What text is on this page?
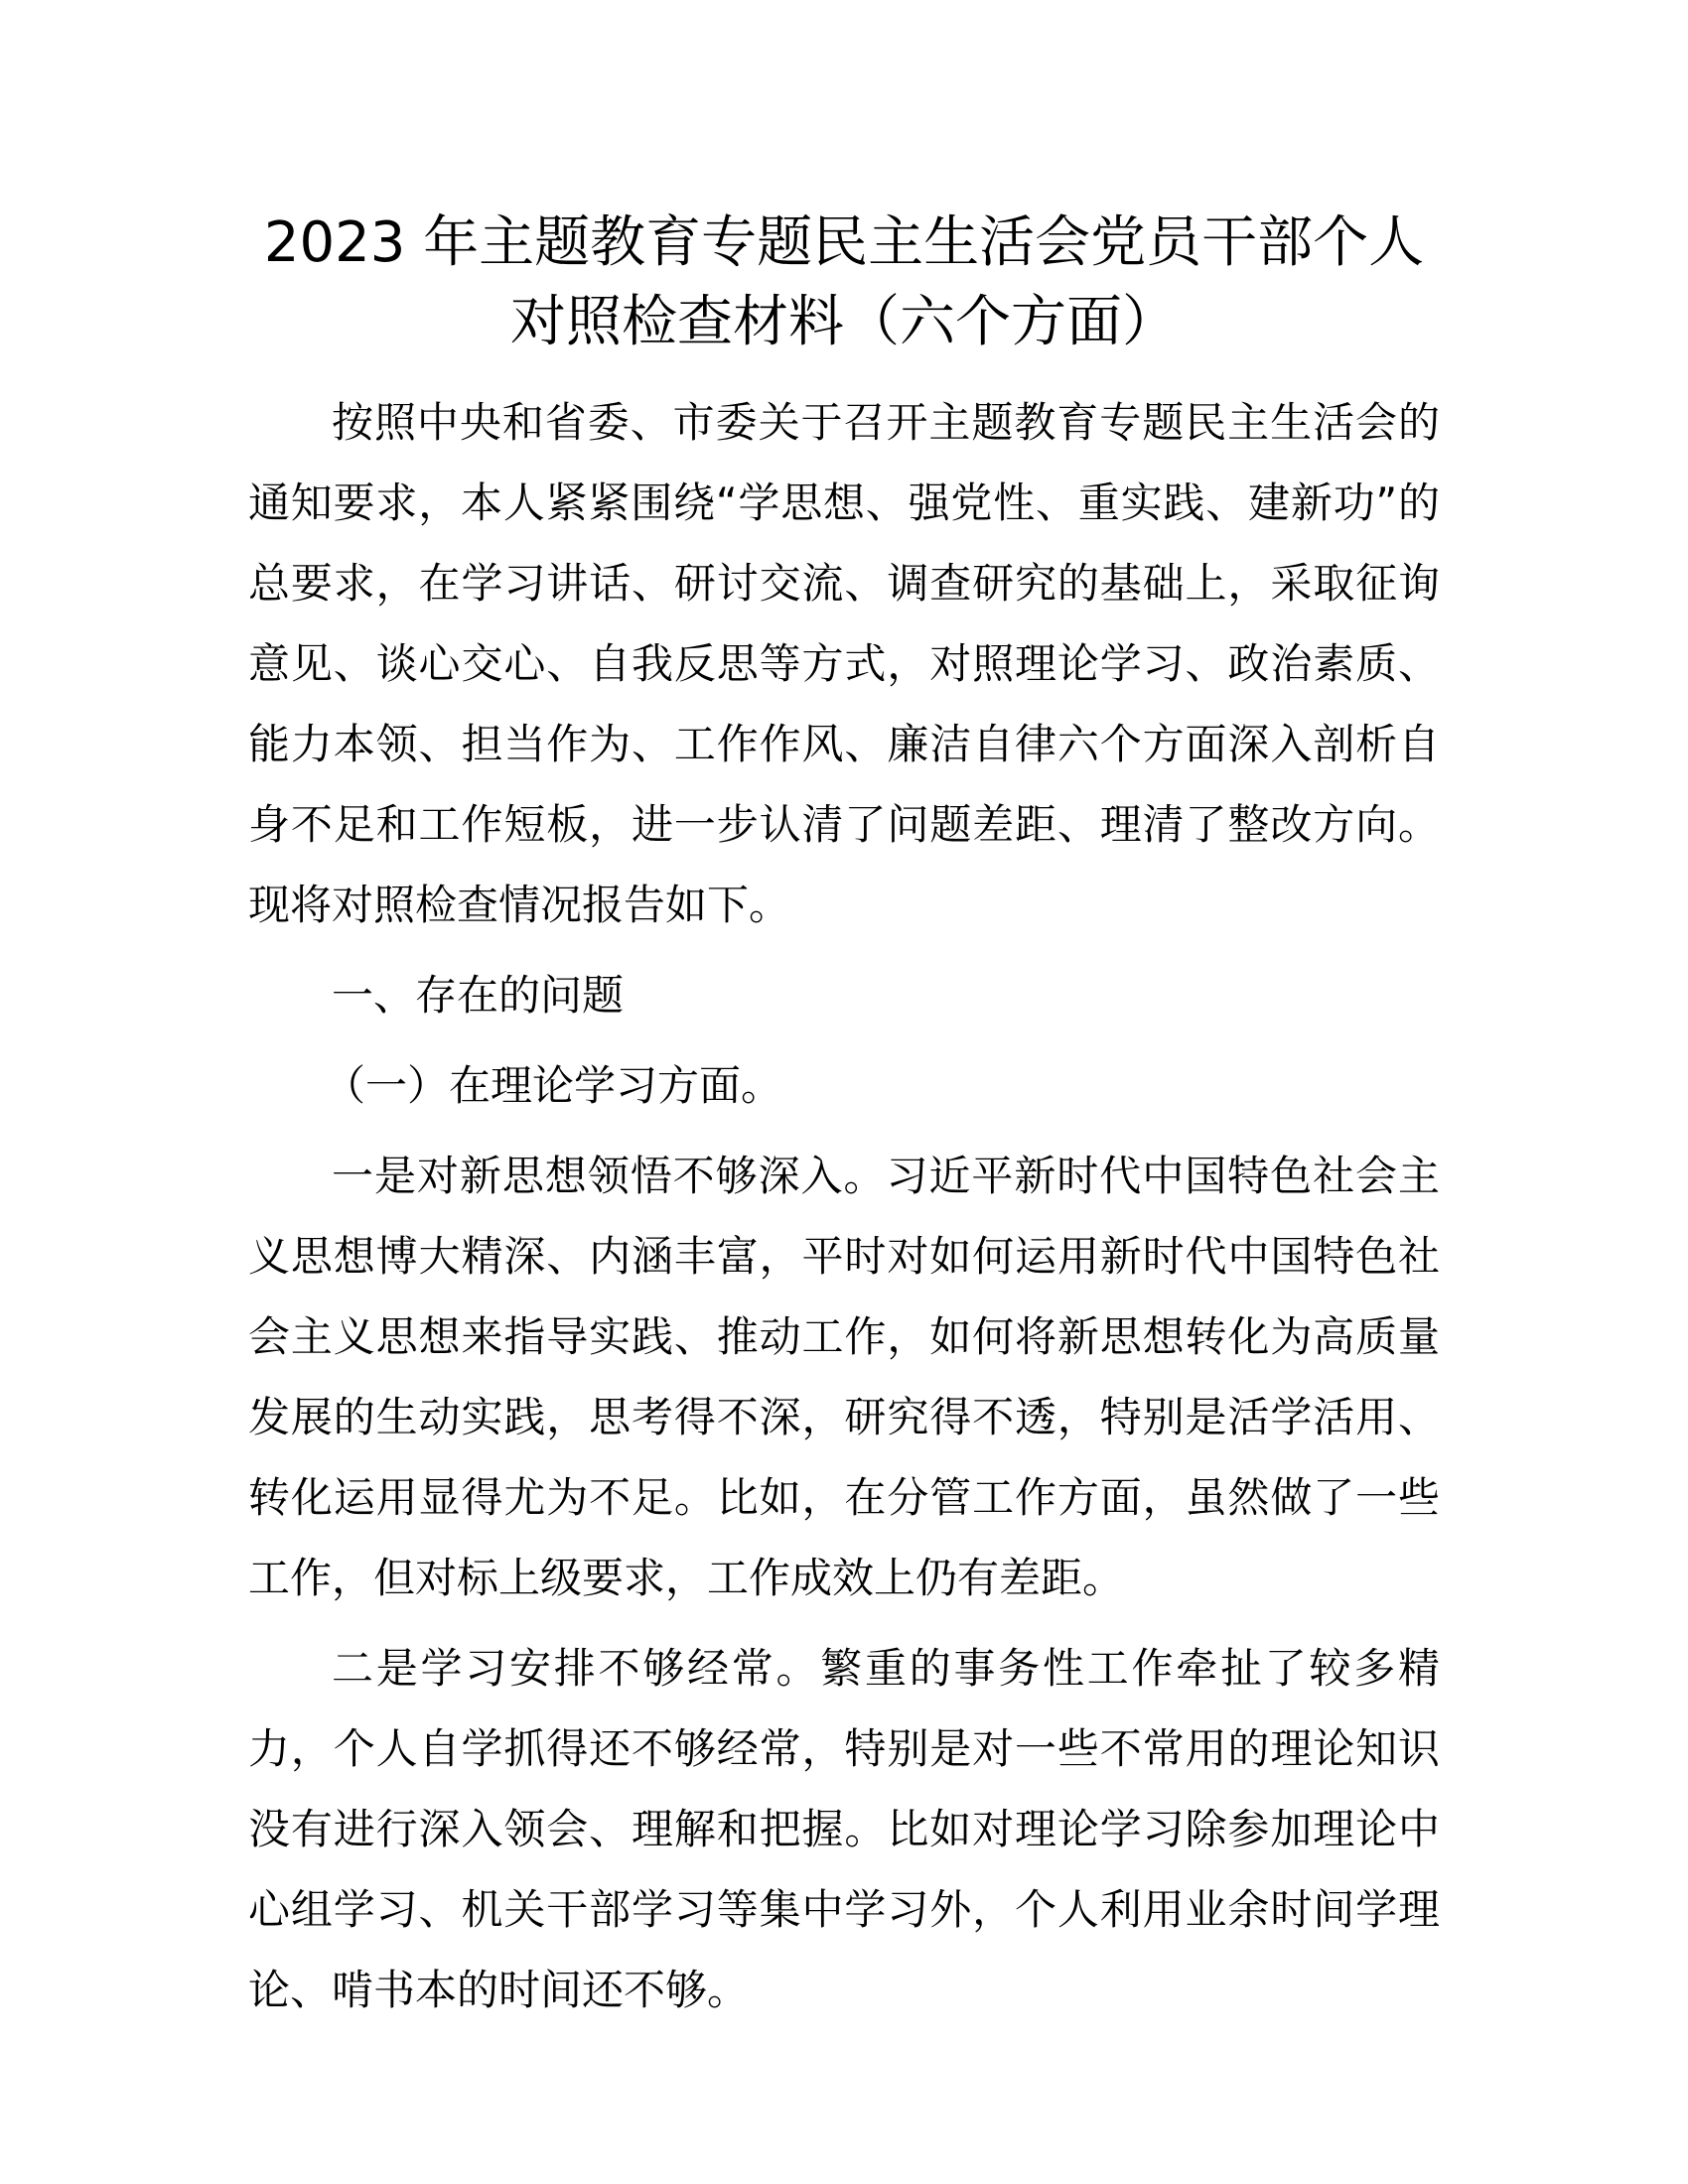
2023 年主题教育专题民主生活会党员干部个人
对照检查材料（六个方面）

按照中央和省委、市委关于召开主题教育专题民主生活会的通知要求，本人紧紧围绕“学思想、强党性、重实践、建新功”的总要求，在学习讲话、研讨交流、调查研究的基础上，采取征询意见、谈心交心、自我反思等方式，对照理论学习、政治素质、能力本领、担当作为、工作作风、廉洁自律六个方面深入剖析自身不足和工作短板，进一步认清了问题差距、理清了整改方向。现将对照检查情况报告如下。

一、存在的问题

（一）在理论学习方面。

一是对新思想领悟不够深入。习近平新时代中国特色社会主义思想博大精深、内涵丰富，平时对如何运用新时代中国特色社会主义思想来指导实践、推动工作，如何将新思想转化为高质量发展的生动实践，思考得不深，研究得不透，特别是活学活用、转化运用显得尤为不足。比如，在分管工作方面，虽然做了一些工作，但对标上级要求，工作成效上仍有差距。

二是学习安排不够经常。繁重的事务性工作牵扯了较多精力，个人自学抓得还不够经常，特别是对一些不常用的理论知识没有进行深入领会、理解和把握。比如对理论学习除参加理论中心组学习、机关干部学习等集中学习外，个人利用业余时间学理论、啃书本的时间还不够。
